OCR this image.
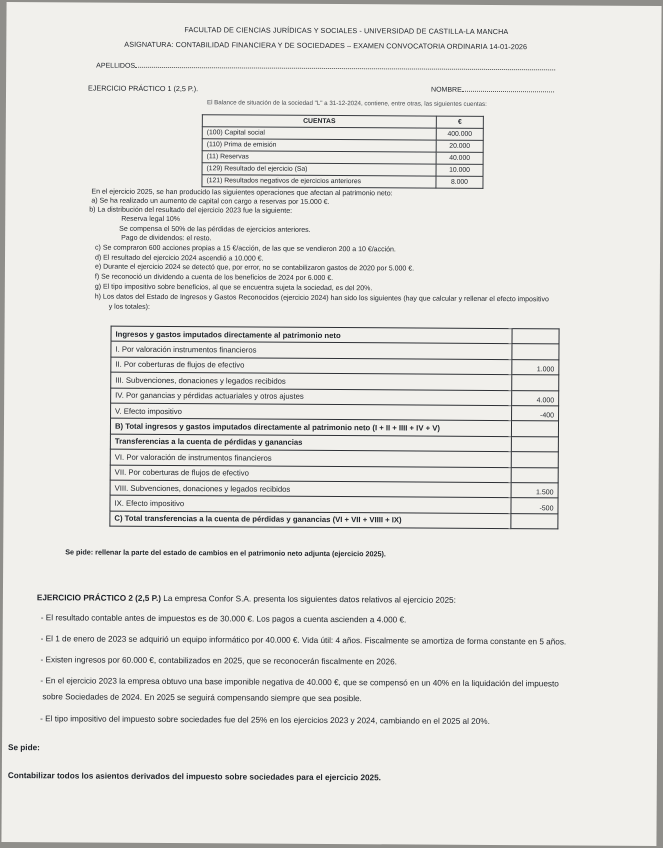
FACULTAD DE CIENCIAS JURÍDICAS Y SOCIALES - UNIVERSIDAD DE CASTILLA-LA MANCHA
ASIGNATURA: CONTABILIDAD FINANCIERA Y DE SOCIEDADES – EXAMEN CONVOCATORIA ORDINARIA 14-01-2026
APELLIDOS
NOMBRE
EJERCICIO PRÁCTICO 1 (2,5 P.).
El Balance de situación de la sociedad "L" a 31-12-2024, contiene, entre otras, las siguientes cuentas:
CUENTAS	€
(100) Capital social	400.000
(110) Prima de emisión	20.000
(11) Reservas	40.000
(129) Resultado del ejercicio (Sa)	10.000
(121) Resultados negativos de ejercicios anteriores	8.000
En el ejercicio 2025, se han producido las siguientes operaciones que afectan al patrimonio neto:
a) Se ha realizado un aumento de capital con cargo a reservas por 15.000 €.
b) La distribución del resultado del ejercicio 2023 fue la siguiente:
Reserva legal 10%
Se compensa el 50% de las pérdidas de ejercicios anteriores.
Pago de dividendos: el resto.
c) Se compraron 600 acciones propias a 15 €/acción, de las que se vendieron 200 a 10 €/acción.
d) El resultado del ejercicio 2024 ascendió a 10.000 €.
e) Durante el ejercicio 2024 se detectó que, por error, no se contabilizaron gastos de 2020 por 5.000 €.
f) Se reconoció un dividendo a cuenta de los beneficios de 2024 por 6.000 €.
g) El tipo impositivo sobre beneficios, al que se encuentra sujeta la sociedad, es del 20%.
h) Los datos del Estado de Ingresos y Gastos Reconocidos (ejercicio 2024) han sido los siguientes (hay que calcular y rellenar el efecto impositivo
y los totales):
Ingresos y gastos imputados directamente al patrimonio neto	
I. Por valoración instrumentos financieros	
II. Por coberturas de flujos de efectivo	1.000
III. Subvenciones, donaciones y legados recibidos	
IV. Por ganancias y pérdidas actuariales y otros ajustes	4.000
V. Efecto impositivo	-400
B) Total ingresos y gastos imputados directamente al patrimonio neto (I + II + IIII + IV + V)	
Transferencias a la cuenta de pérdidas y ganancias	
VI. Por valoración de instrumentos financieros	
VII. Por coberturas de flujos de efectivo	
VIII. Subvenciones, donaciones y legados recibidos	1.500
IX. Efecto impositivo	-500
C) Total transferencias a la cuenta de pérdidas y ganancias (VI + VII + VIIII + IX)	
Se pide: rellenar la parte del estado de cambios en el patrimonio neto adjunta (ejercicio 2025).
EJERCICIO PRÁCTICO 2 (2,5 P.) La empresa Confor S.A. presenta los siguientes datos relativos al ejercicio 2025:
- El resultado contable antes de impuestos es de 30.000 €. Los pagos a cuenta ascienden a 4.000 €.
- El 1 de enero de 2023 se adquirió un equipo informático por 40.000 €. Vida útil: 4 años. Fiscalmente se amortiza de forma constante en 5 años.
- Existen ingresos por 60.000 €, contabilizados en 2025, que se reconocerán fiscalmente en 2026.
- En el ejercicio 2023 la empresa obtuvo una base imponible negativa de 40.000 €, que se compensó en un 40% en la liquidación del impuesto
sobre Sociedades de 2024. En 2025 se seguirá compensando siempre que sea posible.
- El tipo impositivo del impuesto sobre sociedades fue del 25% en los ejercicios 2023 y 2024, cambiando en el 2025 al 20%.
Se pide:
Contabilizar todos los asientos derivados del impuesto sobre sociedades para el ejercicio 2025.
